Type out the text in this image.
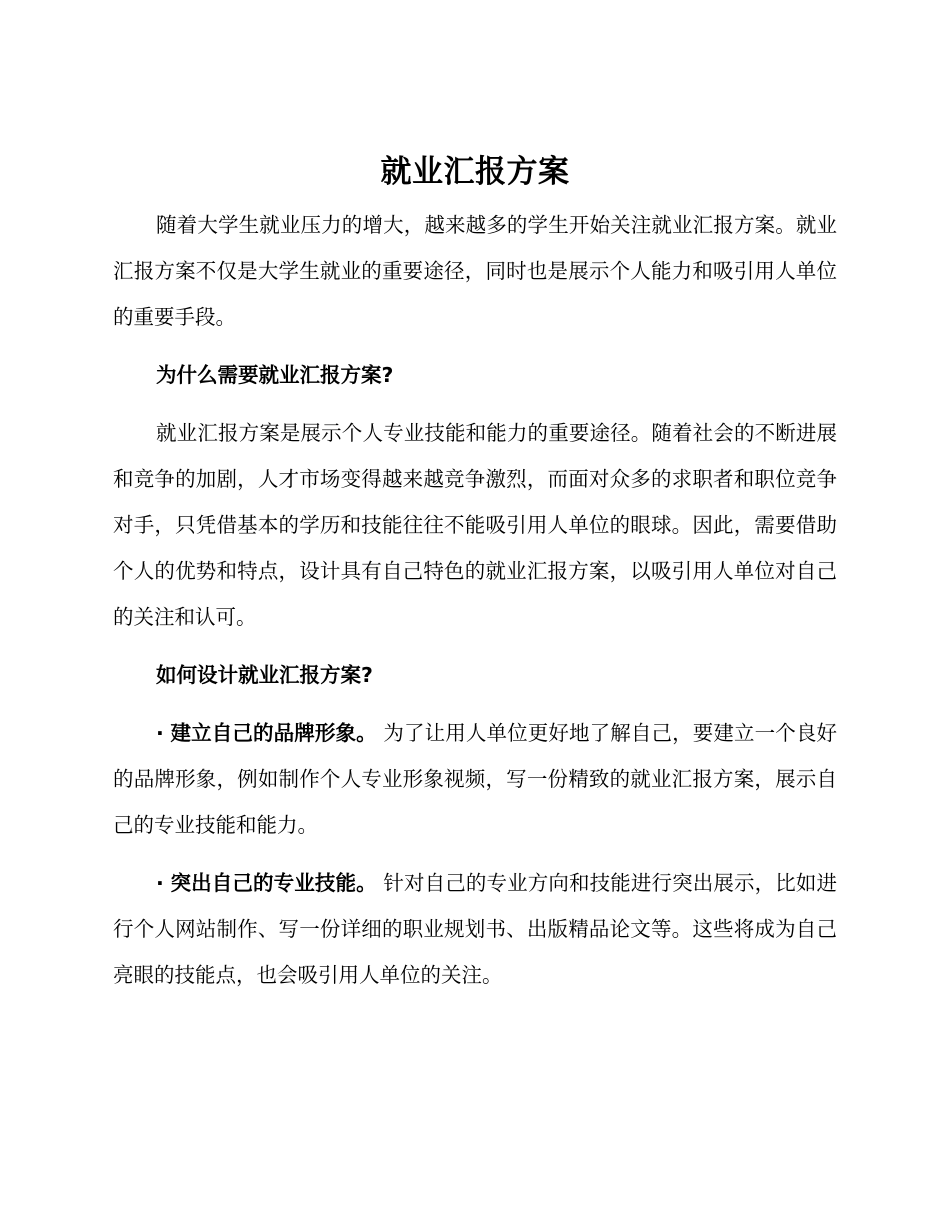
就业汇报方案

随着大学生就业压力的增大，越来越多的学生开始关注就业汇报方案。就业汇报方案不仅是大学生就业的重要途径，同时也是展示个人能力和吸引用人单位的重要手段。

为什么需要就业汇报方案?

就业汇报方案是展示个人专业技能和能力的重要途径。随着社会的不断进展和竞争的加剧，人才市场变得越来越竞争激烈，而面对众多的求职者和职位竞争对手，只凭借基本的学历和技能往往不能吸引用人单位的眼球。因此，需要借助个人的优势和特点，设计具有自己特色的就业汇报方案，以吸引用人单位对自己的关注和认可。

如何设计就业汇报方案?

· 建立自己的品牌形象。 为了让用人单位更好地了解自己，要建立一个良好的品牌形象，例如制作个人专业形象视频，写一份精致的就业汇报方案，展示自己的专业技能和能力。

· 突出自己的专业技能。 针对自己的专业方向和技能进行突出展示，比如进行个人网站制作、写一份详细的职业规划书、出版精品论文等。这些将成为自己亮眼的技能点，也会吸引用人单位的关注。
